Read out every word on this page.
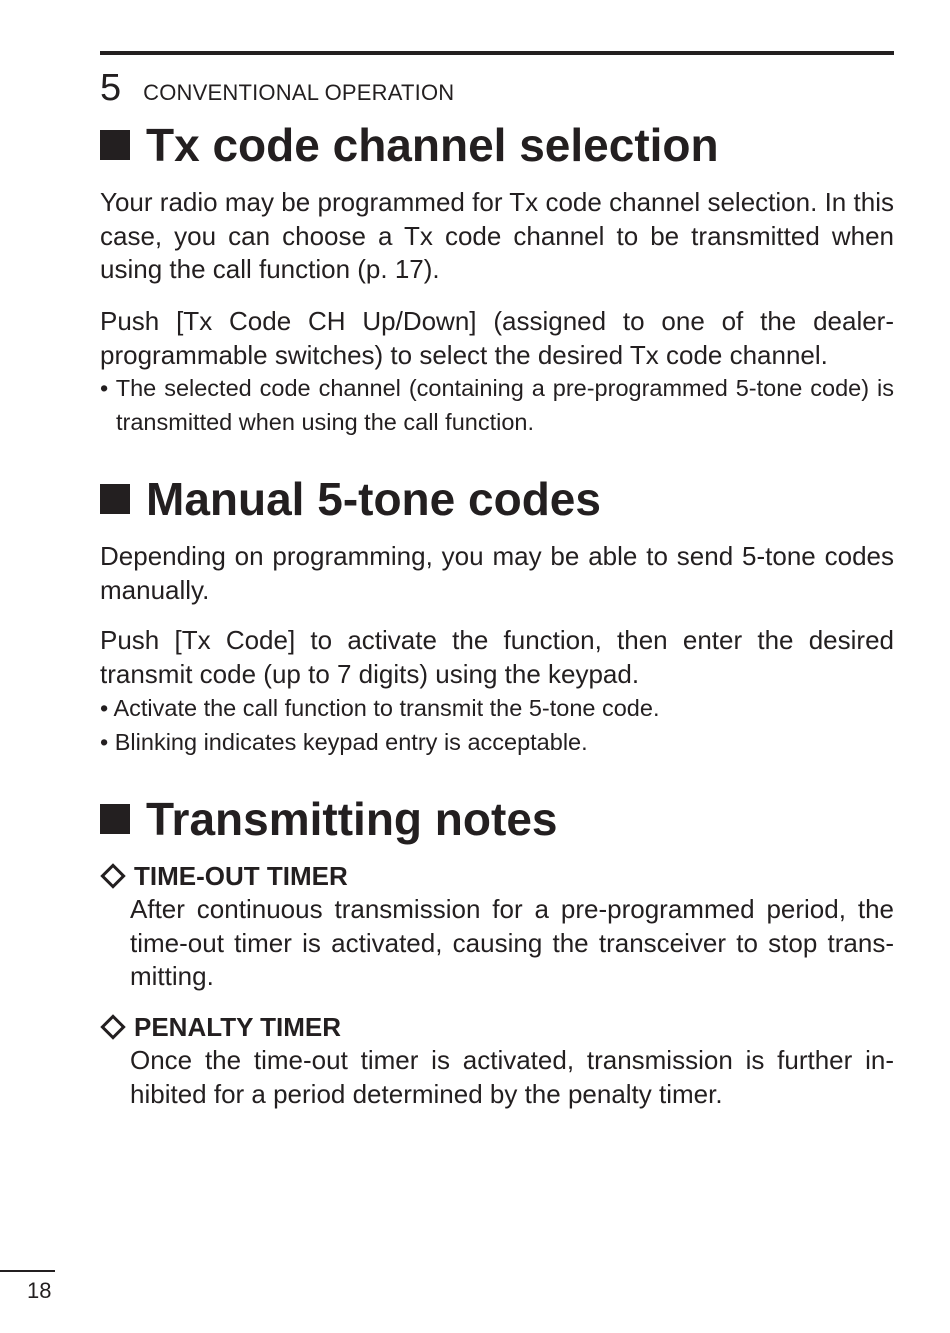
5 CONVENTIONAL OPERATION
Tx code channel selection

Your radio may be programmed for Tx code channel selection. In this case, you can choose a Tx code channel to be transmitted when using the call function (p. 17).

Push [Tx Code CH Up/Down] (assigned to one of the dealer-programmable switches) to select the desired Tx code channel.

• The selected code channel (containing a pre-programmed 5-tone code) is transmitted when using the call function.

Manual 5-tone codes

Depending on programming, you may be able to send 5-tone codes manually.

Push [Tx Code] to activate the function, then enter the desired transmit code (up to 7 digits) using the keypad.

• Activate the call function to transmit the 5-tone code.

• Blinking indicates keypad entry is acceptable.

Transmitting notes
TIME-OUT TIMER

After continuous transmission for a pre-programmed period, the time-out timer is activated, causing the transceiver to stop trans-mitting.

PENALTY TIMER

Once the time-out timer is activated, transmission is further in-hibited for a period determined by the penalty timer.

18
